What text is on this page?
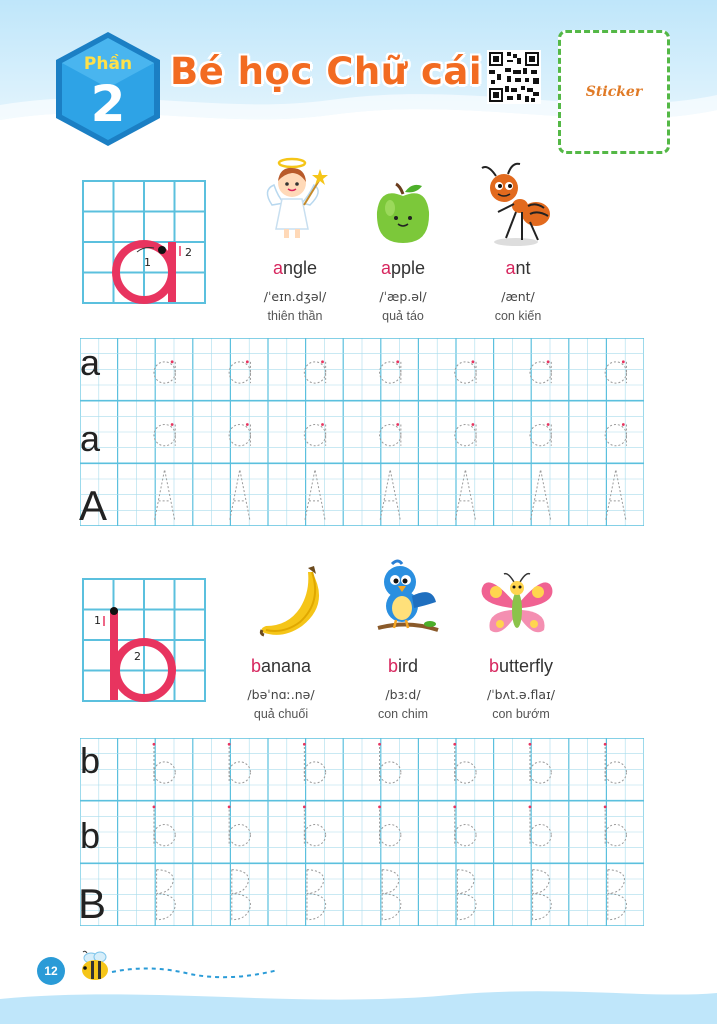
Phần
2
Bé học Chữ cái	Sticker
1
2
angle
/ˈeɪn.dʒəl/
thiên thần
apple
/ˈæp.əl/
quả táo
ant
/ænt/
con kiến
a
a
A
1
2	banana
/bəˈnɑː.nə/
quả chuối
bird
/bɜːd/
con chim
butterfly
/ˈbʌt.ə.flaɪ/
con bướm
b
b
B
12
